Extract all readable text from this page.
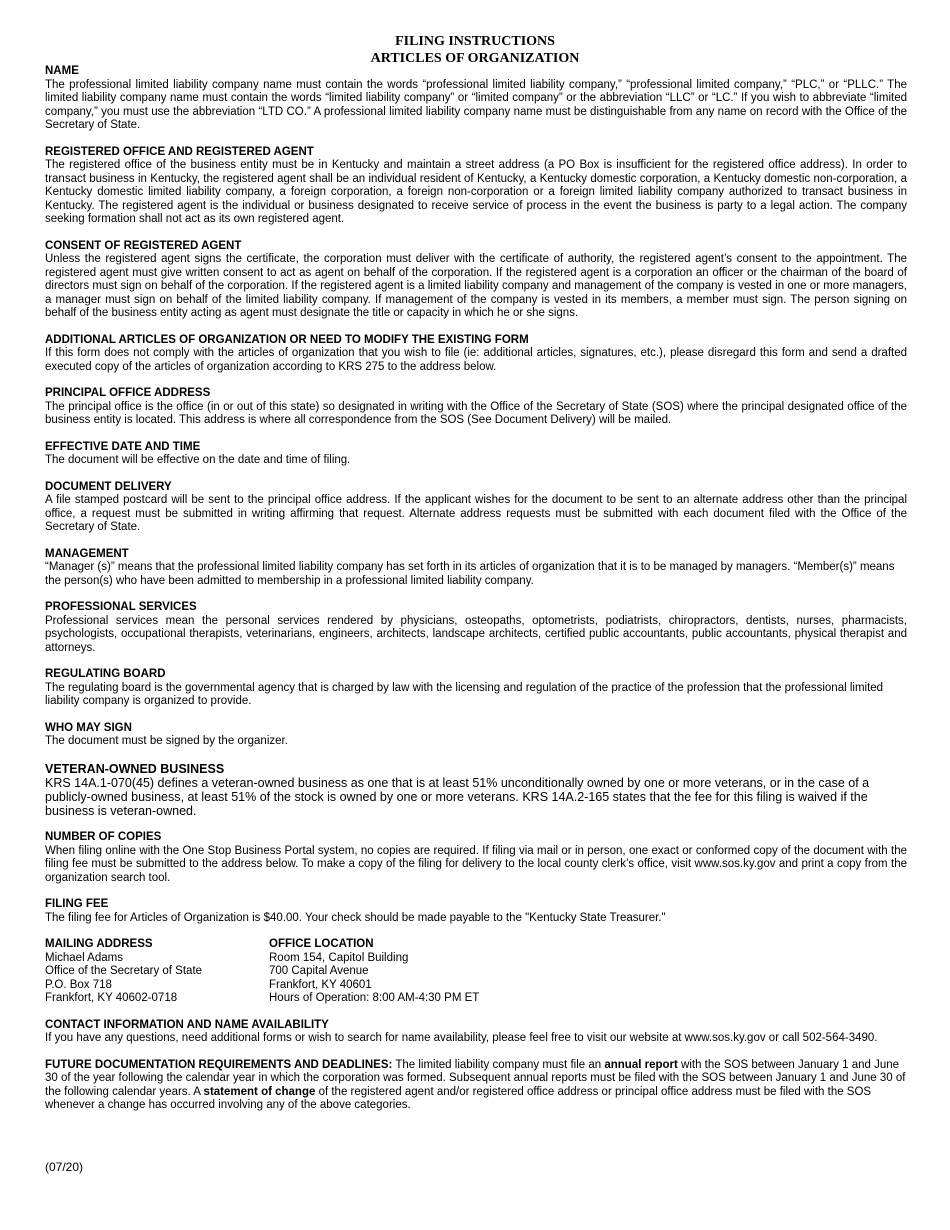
FILING INSTRUCTIONS
ARTICLES OF ORGANIZATION
NAME
The professional limited liability company name must contain the words “professional limited liability company,” “professional limited company,” “PLC,” or “PLLC.” The limited liability company name must contain the words “limited liability company” or “limited company” or the abbreviation “LLC” or “LC.” If you wish to abbreviate “limited company,” you must use the abbreviation “LTD CO.” A professional limited liability company name must be distinguishable from any name on record with the Office of the Secretary of State.
REGISTERED OFFICE AND REGISTERED AGENT
The registered office of the business entity must be in Kentucky and maintain a street address (a PO Box is insufficient for the registered office address). In order to transact business in Kentucky, the registered agent shall be an individual resident of Kentucky, a Kentucky domestic corporation, a Kentucky domestic non-corporation, a Kentucky domestic limited liability company, a foreign corporation, a foreign non-corporation or a foreign limited liability company authorized to transact business in Kentucky. The registered agent is the individual or business designated to receive service of process in the event the business is party to a legal action. The company seeking formation shall not act as its own registered agent.
CONSENT OF REGISTERED AGENT
Unless the registered agent signs the certificate, the corporation must deliver with the certificate of authority, the registered agent’s consent to the appointment. The registered agent must give written consent to act as agent on behalf of the corporation. If the registered agent is a corporation an officer or the chairman of the board of directors must sign on behalf of the corporation. If the registered agent is a limited liability company and management of the company is vested in one or more managers, a manager must sign on behalf of the limited liability company. If management of the company is vested in its members, a member must sign. The person signing on behalf of the business entity acting as agent must designate the title or capacity in which he or she signs.
ADDITIONAL ARTICLES OF ORGANIZATION OR NEED TO MODIFY THE EXISTING FORM
If this form does not comply with the articles of organization that you wish to file (ie: additional articles, signatures, etc.), please disregard this form and send a drafted executed copy of the articles of organization according to KRS 275 to the address below.
PRINCIPAL OFFICE ADDRESS
The principal office is the office (in or out of this state) so designated in writing with the Office of the Secretary of State (SOS) where the principal designated office of the business entity is located. This address is where all correspondence from the SOS (See Document Delivery) will be mailed.
EFFECTIVE DATE AND TIME
The document will be effective on the date and time of filing.
DOCUMENT DELIVERY
A file stamped postcard will be sent to the principal office address. If the applicant wishes for the document to be sent to an alternate address other than the principal office, a request must be submitted in writing affirming that request. Alternate address requests must be submitted with each document filed with the Office of the Secretary of State.
MANAGEMENT
“Manager (s)” means that the professional limited liability company has set forth in its articles of organization that it is to be managed by managers. “Member(s)” means the person(s) who have been admitted to membership in a professional limited liability company.
PROFESSIONAL SERVICES
Professional services mean the personal services rendered by physicians, osteopaths, optometrists, podiatrists, chiropractors, dentists, nurses, pharmacists, psychologists, occupational therapists, veterinarians, engineers, architects, landscape architects, certified public accountants, public accountants, physical therapist and attorneys.
REGULATING BOARD
The regulating board is the governmental agency that is charged by law with the licensing and regulation of the practice of the profession that the professional limited liability company is organized to provide.
WHO MAY SIGN
The document must be signed by the organizer.
VETERAN-OWNED BUSINESS
KRS 14A.1-070(45) defines a veteran-owned business as one that is at least 51% unconditionally owned by one or more veterans, or in the case of a publicly-owned business, at least 51% of the stock is owned by one or more veterans. KRS 14A.2-165 states that the fee for this filing is waived if the business is veteran-owned.
NUMBER OF COPIES
When filing online with the One Stop Business Portal system, no copies are required. If filing via mail or in person, one exact or conformed copy of the document with the filing fee must be submitted to the address below. To make a copy of the filing for delivery to the local county clerk’s office, visit www.sos.ky.gov and print a copy from the organization search tool.
FILING FEE
The filing fee for Articles of Organization is $40.00. Your check should be made payable to the "Kentucky State Treasurer."
MAILING ADDRESS
Michael Adams
Office of the Secretary of State
P.O. Box 718
Frankfort, KY 40602-0718
OFFICE LOCATION
Room 154, Capitol Building
700 Capital Avenue
Frankfort, KY 40601
Hours of Operation: 8:00 AM-4:30 PM ET
CONTACT INFORMATION AND NAME AVAILABILITY
If you have any questions, need additional forms or wish to search for name availability, please feel free to visit our website at www.sos.ky.gov or call 502-564-3490.
FUTURE DOCUMENTATION REQUIREMENTS AND DEADLINES: The limited liability company must file an annual report with the SOS between January 1 and June 30 of the year following the calendar year in which the corporation was formed. Subsequent annual reports must be filed with the SOS between January 1 and June 30 of the following calendar years. A statement of change of the registered agent and/or registered office address or principal office address must be filed with the SOS whenever a change has occurred involving any of the above categories.
(07/20)
